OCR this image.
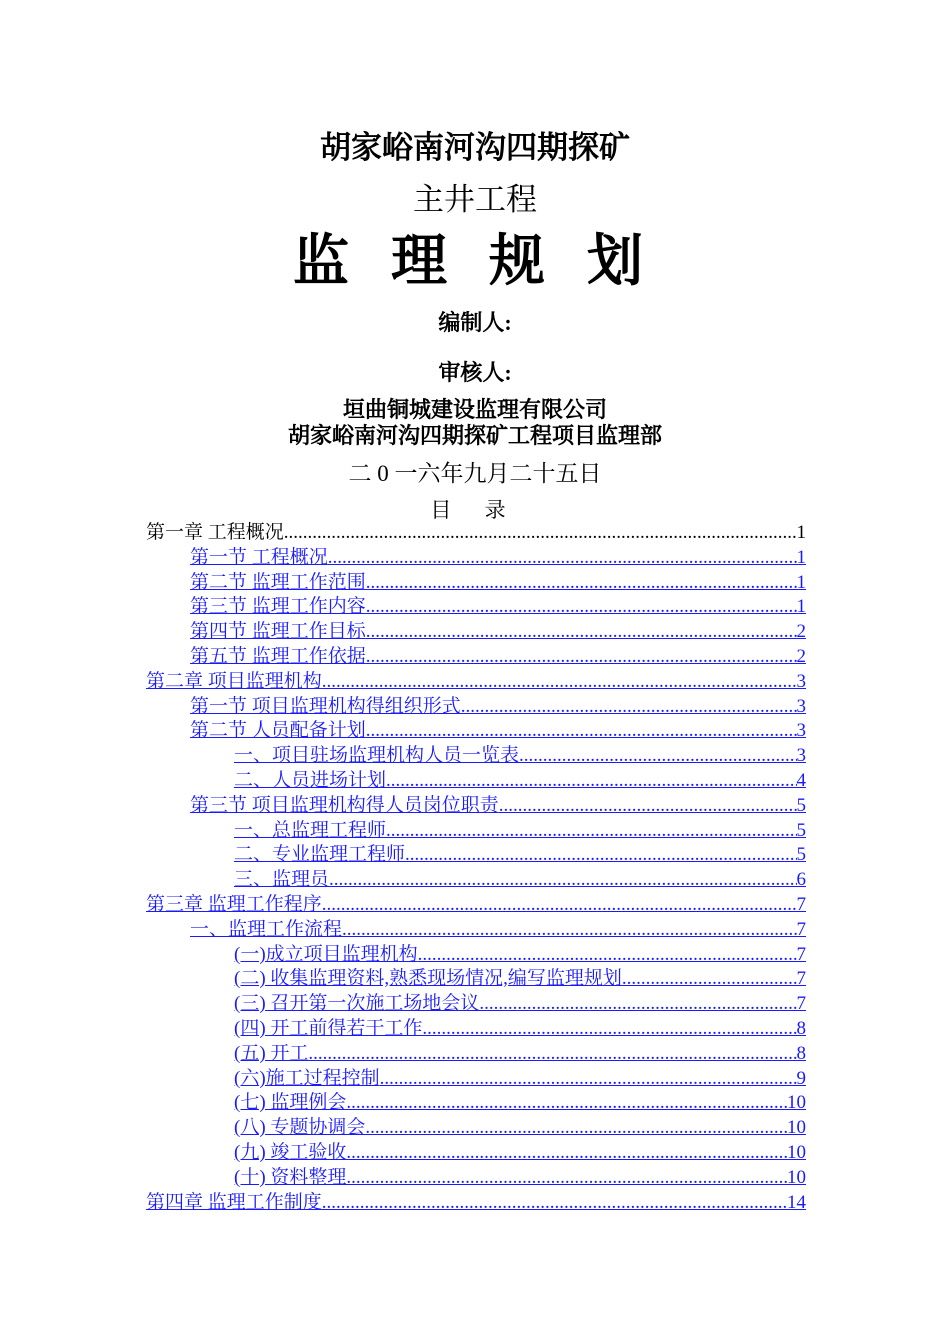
胡家峪南河沟四期探矿
主井工程
监 理 规 划
编制人:
审核人:
垣曲铜城建设监理有限公司
胡家峪南河沟四期探矿工程项目监理部
二 0 一六年九月二十五日
目 录
第一章 工程概况 .....	1
第一节 工程概况 .....	1
第二节 监理工作范围 .....	1
第三节 监理工作内容 .....	1
第四节 监理工作目标 .....	2
第五节 监理工作依据 .....	2
第二章 项目监理机构 .....	3
第一节 项目监理机构得组织形式 .....	3
第二节 人员配备计划 .....	3
一、项目驻场监理机构人员一览表 .....	3
二、人员进场计划 .....	4
第三节 项目监理机构得人员岗位职责 .....	5
一、总监理工程师 .....	5
二、专业监理工程师 .....	5
三、监理员 .....	6
第三章 监理工作程序 .....	7
一、监理工作流程 .....	7
(一)成立项目监理机构 .....	7
(二) 收集监理资料,熟悉现场情况,编写监理规划 .....	7
(三) 召开第一次施工场地会议 .....	7
(四) 开工前得若干工作 .....	8
(五) 开工 .....	8
(六)施工过程控制 .....	9
(七) 监理例会 .....	10
(八) 专题协调会 .....	10
(九) 竣工验收 .....	10
(十) 资料整理 .....	10
第四章 监理工作制度 .....	14
